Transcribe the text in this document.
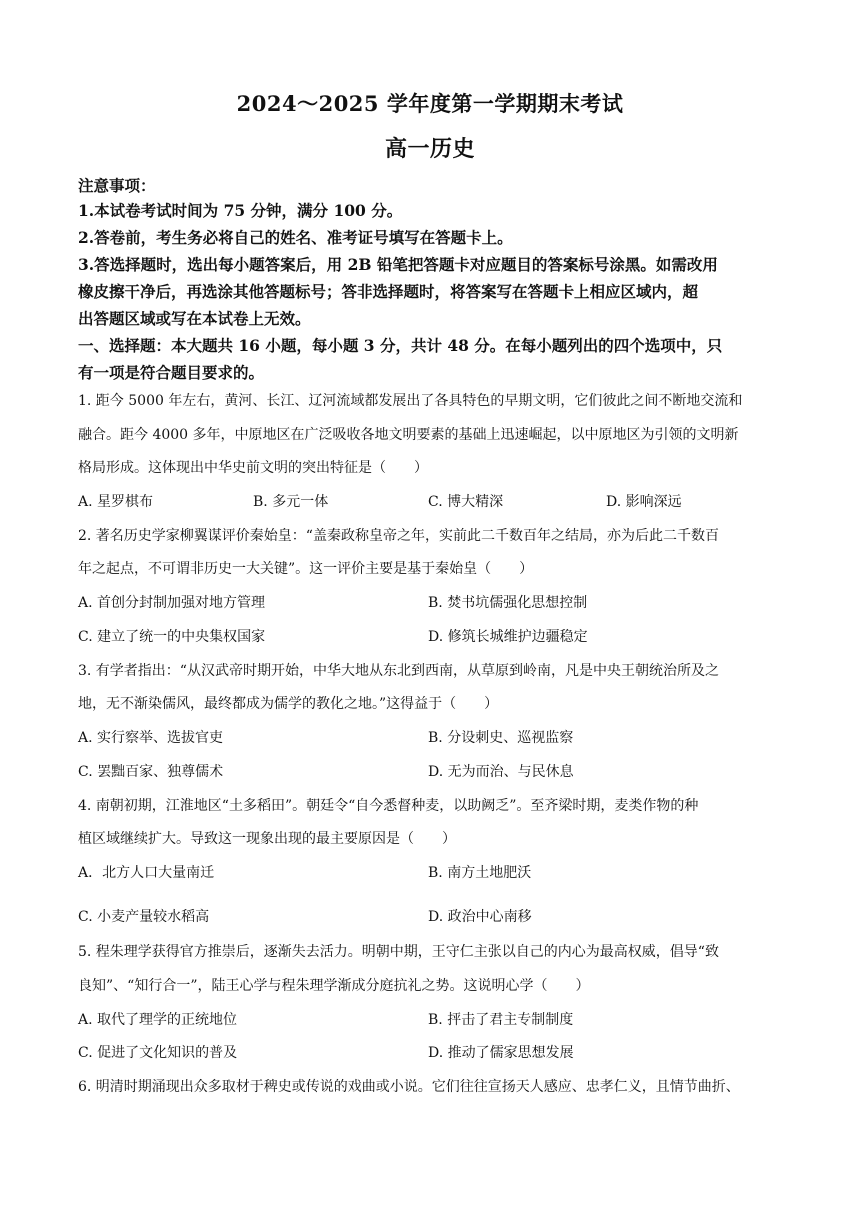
2024～2025 学年度第一学期期末考试
高一历史
注意事项：
1.本试卷考试时间为 75 分钟，满分 100 分。
2.答卷前，考生务必将自己的姓名、准考证号填写在答题卡上。
3.答选择题时，选出每小题答案后，用 2B 铅笔把答题卡对应题目的答案标号涂黑。如需改用
橡皮擦干净后，再选涂其他答题标号；答非选择题时，将答案写在答题卡上相应区域内，超
出答题区域或写在本试卷上无效。
一、选择题：本大题共 16 小题，每小题 3 分，共计 48 分。在每小题列出的四个选项中，只
有一项是符合题目要求的。
1. 距今 5000 年左右，黄河、长江、辽河流域都发展出了各具特色的早期文明，它们彼此之间不断地交流和
融合。距今 4000 多年，中原地区在广泛吸收各地文明要素的基础上迅速崛起，以中原地区为引领的文明新
格局形成。这体现出中华史前文明的突出特征是（　　）
A. 星罗棋布	B. 多元一体	C. 博大精深	D. 影响深远
2. 著名历史学家柳翼谋评价秦始皇：“盖秦政称皇帝之年，实前此二千数百年之结局，亦为后此二千数百
年之起点，不可谓非历史一大关键”。这一评价主要是基于秦始皇（　　）
A. 首创分封制加强对地方管理	B. 焚书坑儒强化思想控制
C. 建立了统一的中央集权国家	D. 修筑长城维护边疆稳定
3. 有学者指出：“从汉武帝时期开始，中华大地从东北到西南，从草原到岭南，凡是中央王朝统治所及之
地，无不渐染儒风，最终都成为儒学的教化之地。”这得益于（　　）
A. 实行察举、选拔官吏	B. 分设刺史、巡视监察
C. 罢黜百家、独尊儒术	D. 无为而治、与民休息
4. 南朝初期，江淮地区“土多稻田”。朝廷令“自今悉督种麦，以助阙乏”。至齐梁时期，麦类作物的种
植区域继续扩大。导致这一现象出现的最主要原因是（　　）
A．北方人口大量南迁	B. 南方土地肥沃
C. 小麦产量较水稻高	D. 政治中心南移
5. 程朱理学获得官方推崇后，逐渐失去活力。明朝中期，王守仁主张以自己的内心为最高权威，倡导“致
良知”、“知行合一”，陆王心学与程朱理学渐成分庭抗礼之势。这说明心学（　　）
A. 取代了理学的正统地位	B. 抨击了君主专制制度
C. 促进了文化知识的普及	D. 推动了儒家思想发展
6. 明清时期涌现出众多取材于稗史或传说的戏曲或小说。它们往往宣扬天人感应、忠孝仁义，且情节曲折、
